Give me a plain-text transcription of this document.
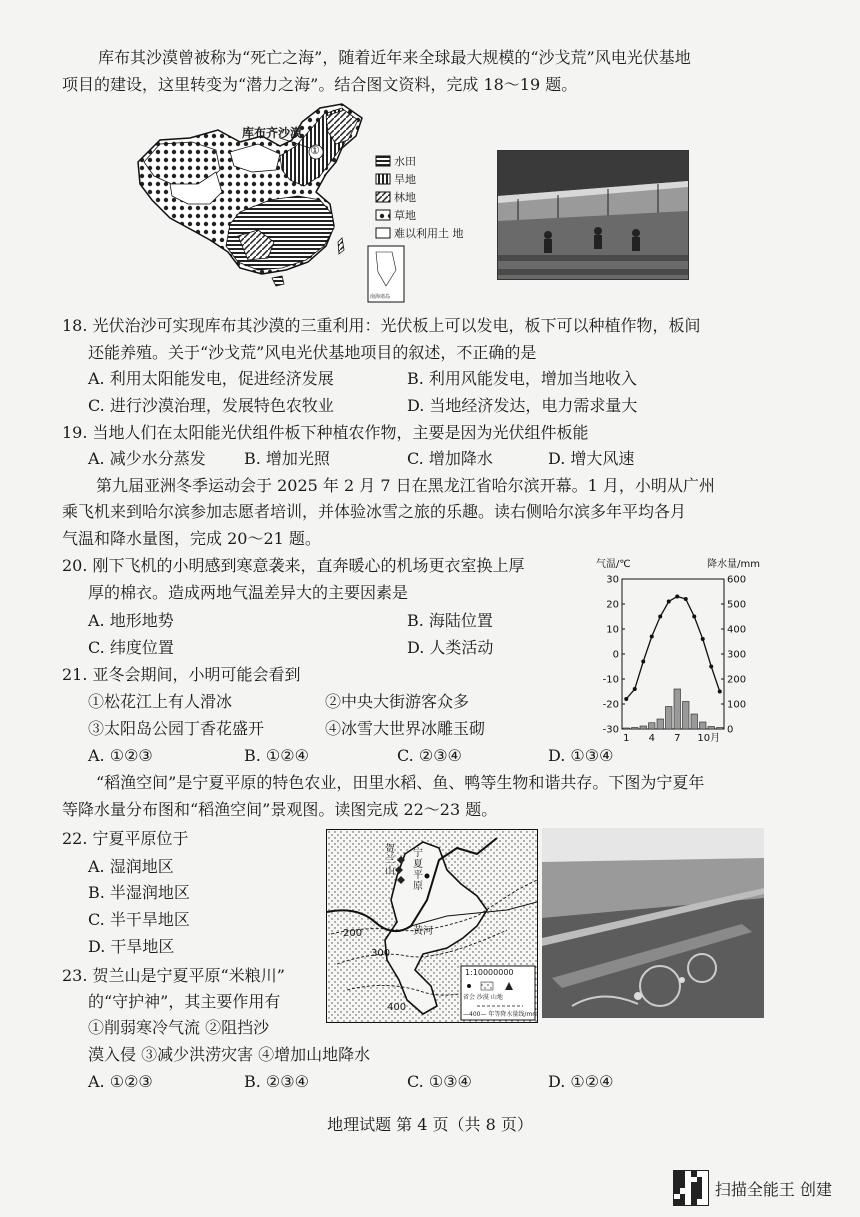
库布其沙漠曾被称为“死亡之海”，随着近年来全球最大规模的“沙戈荒”风电光伏基地
项目的建设，这里转变为“潜力之海”。结合图文资料，完成 18～19 题。
库布齐沙漠
①
水田
旱地
林地
草地
难以利用土 地
南海诸岛
18. 光伏治沙可实现库布其沙漠的三重利用：光伏板上可以发电，板下可以种植作物，板间
还能养殖。关于“沙戈荒”风电光伏基地项目的叙述，不正确的是
A. 利用太阳能发电，促进经济发展	B. 利用风能发电，增加当地收入
C. 进行沙漠治理，发展特色农牧业	D. 当地经济发达，电力需求量大
19. 当地人们在太阳能光伏组件板下种植农作物，主要是因为光伏组件板能
A. 减少水分蒸发 B. 增加光照	C. 增加降水	D. 增大风速
第九届亚洲冬季运动会于 2025 年 2 月 7 日在黑龙江省哈尔滨开幕。1 月，小明从广州
乘飞机来到哈尔滨参加志愿者培训，并体验冰雪之旅的乐趣。读右侧哈尔滨多年平均各月
气温和降水量图，完成 20～21 题。
20. 刚下飞机的小明感到寒意袭来，直奔暖心的机场更衣室换上厚
厚的棉衣。造成两地气温差异大的主要因素是
A. 地形地势	B. 海陆位置
C. 纬度位置	D. 人类活动
21. 亚冬会期间，小明可能会看到
①松花江上有人滑冰	②中央大街游客众多
③太阳岛公园丁香花盛开	④冰雪大世界冰雕玉砌
A. ①②③	B. ①②④	C. ②③④	D. ①③④
30
20
10
0
-10
-20
-30
600
500
400
300
200
100
0
1 4 7 10月
气温/℃	降水量/mm
“稻渔空间”是宁夏平原的特色农业，田里水稻、鱼、鸭等生物和谐共存。下图为宁夏年
等降水量分布图和“稻渔空间”景观图。读图完成 22～23 题。
22. 宁夏平原位于
A. 湿润地区
B. 半湿润地区
C. 半干旱地区
D. 干旱地区
贺兰山
宁夏平原
黄河
200
300
400
1:10000000
省会 沙漠 山地
—400— 年等降水量线/mm
23. 贺兰山是宁夏平原“米粮川”
的“守护神”，其主要作用有
①削弱寒冷气流 ②阻挡沙
漠入侵 ③减少洪涝灾害 ④增加山地降水
A. ①②③	B. ②③④	C. ①③④	D. ①②④
地理试题 第 4 页（共 8 页）
扫描全能王 创建
